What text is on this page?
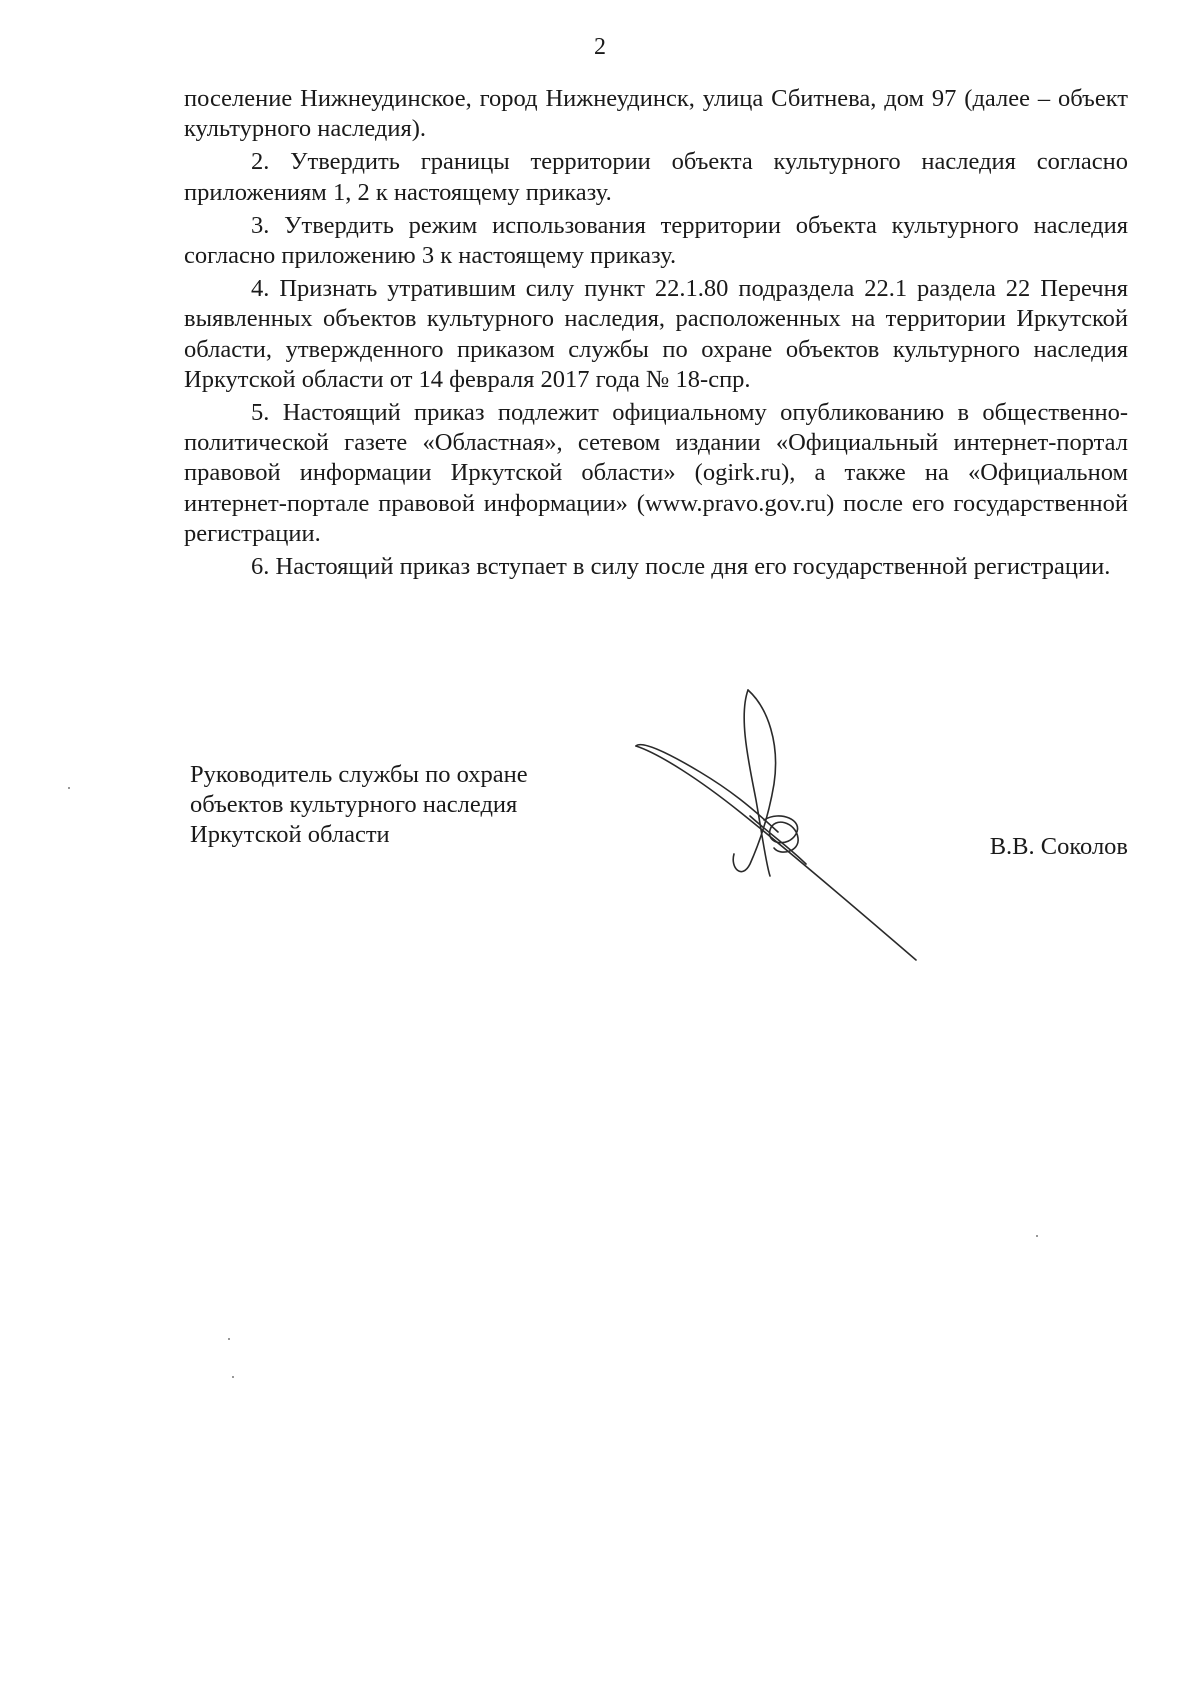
2

поселение Нижнеудинское, город Нижнеудинск, улица Сбитнева, дом 97 (далее – объект культурного наследия).

2. Утвердить границы территории объекта культурного наследия согласно приложениям 1, 2 к настоящему приказу.

3. Утвердить режим использования территории объекта культурного наследия согласно приложению 3 к настоящему приказу.

4. Признать утратившим силу пункт 22.1.80 подраздела 22.1 раздела 22 Перечня выявленных объектов культурного наследия, расположенных на территории Иркутской области, утвержденного приказом службы по охране объектов культурного наследия Иркутской области от 14 февраля 2017 года № 18-спр.

5. Настоящий приказ подлежит официальному опубликованию в общественно-политической газете «Областная», сетевом издании «Официальный интернет-портал правовой информации Иркутской области» (ogirk.ru), а также на «Официальном интернет-портале правовой информации» (www.pravo.gov.ru) после его государственной регистрации.

6. Настоящий приказ вступает в силу после дня его государственной регистрации.

Руководитель службы по охране
объектов культурного наследия
Иркутской области	В.В. Соколов
